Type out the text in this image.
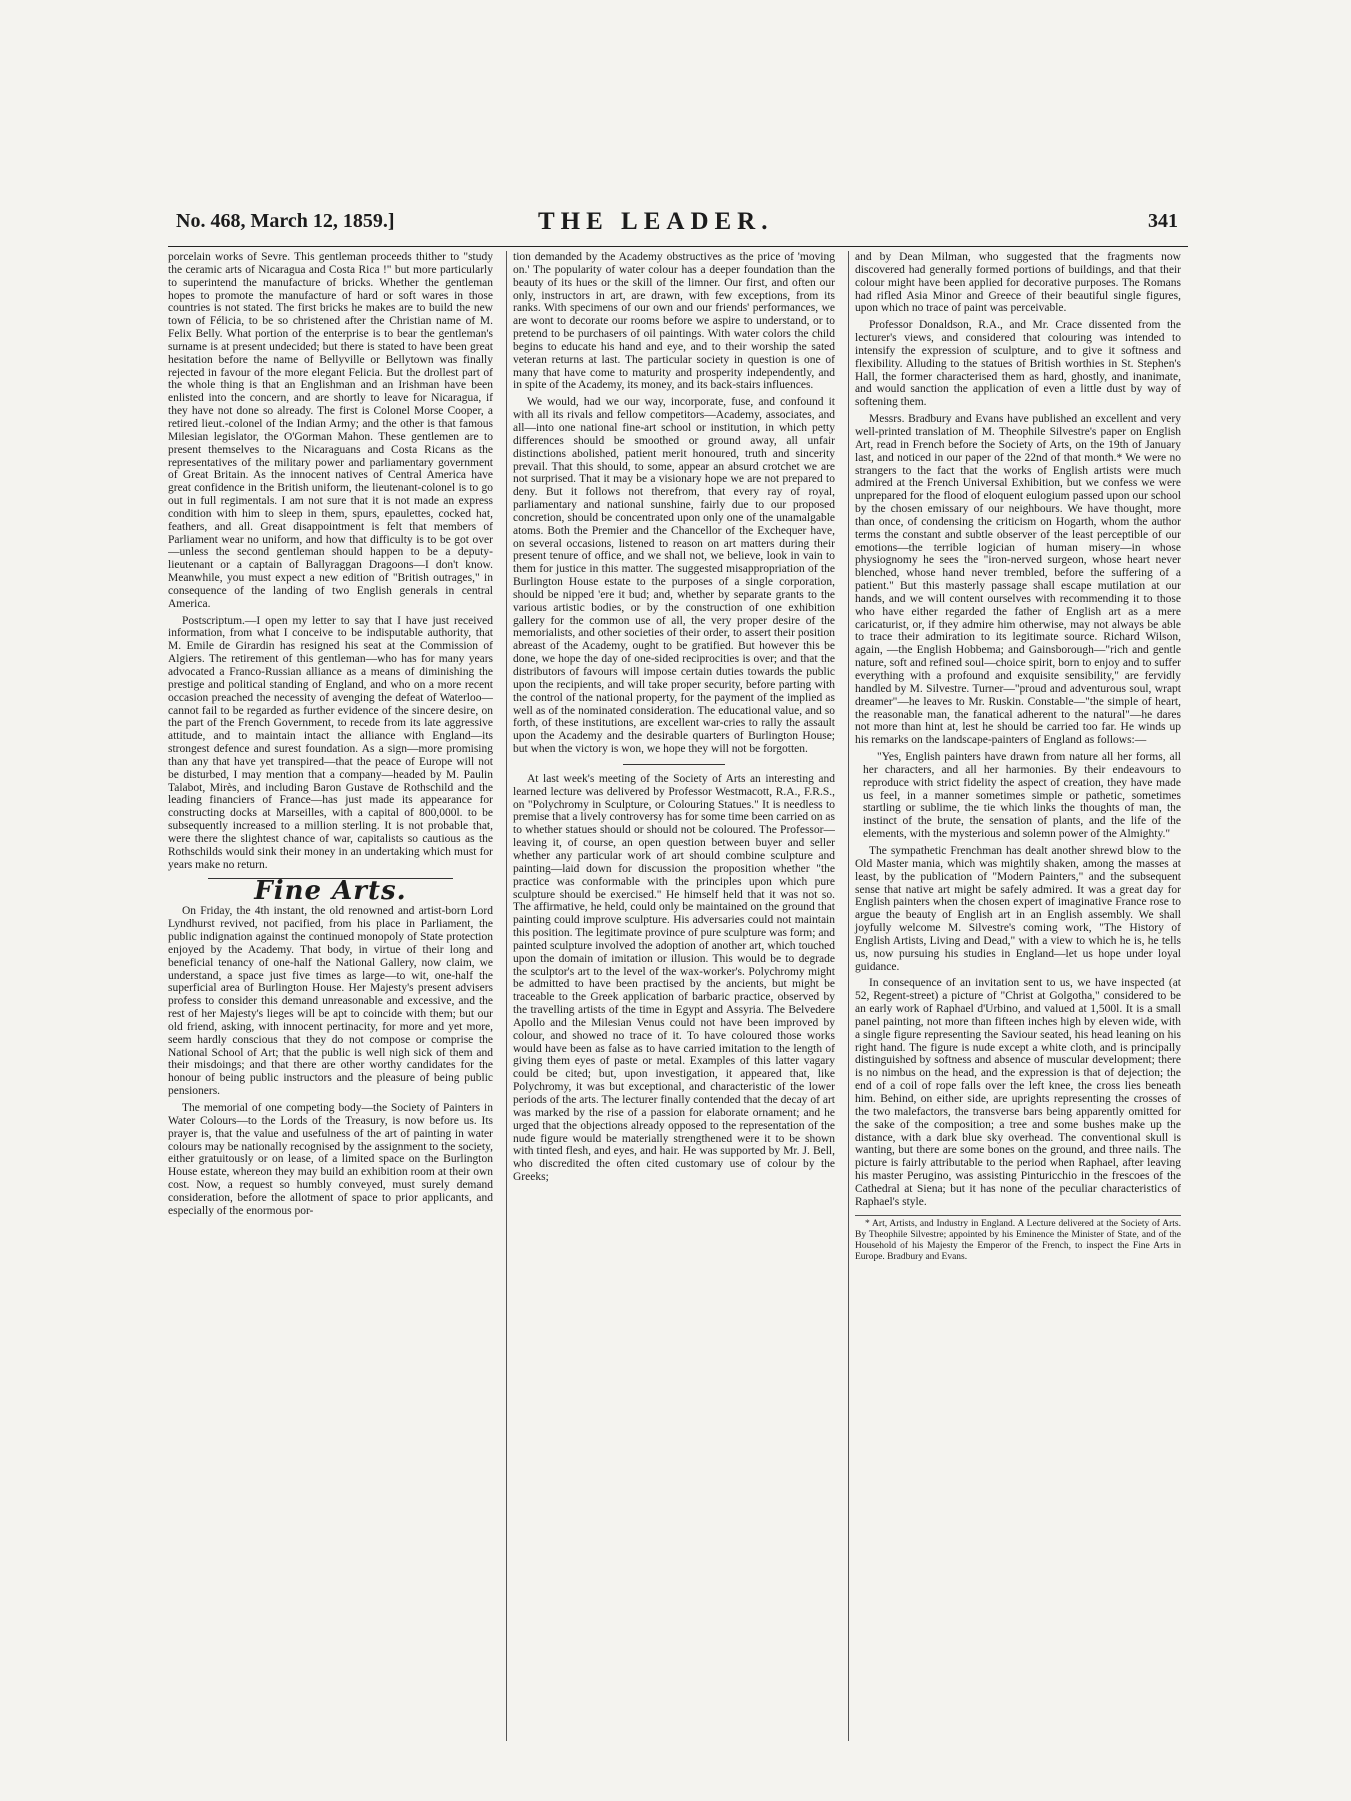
No. 468, March 12, 1859.]	THE LEADER.	341

porcelain works of Sevre. This gentleman proceeds thither to "study the ceramic arts of Nicaragua and Costa Rica !" but more particularly to superintend the manufacture of bricks. Whether the gentleman hopes to promote the manufacture of hard or soft wares in those countries is not stated. The first bricks he makes are to build the new town of Félicia, to be so christened after the Christian name of M. Felix Belly. What portion of the enterprise is to bear the gentleman's surname is at present undecided; but there is stated to have been great hesitation before the name of Bellyville or Bellytown was finally rejected in favour of the more elegant Felicia. But the drollest part of the whole thing is that an Englishman and an Irishman have been enlisted into the concern, and are shortly to leave for Nicaragua, if they have not done so already. The first is Colonel Morse Cooper, a retired lieut.-colonel of the Indian Army; and the other is that famous Milesian legislator, the O'Gorman Mahon. These gentlemen are to present themselves to the Nicaraguans and Costa Ricans as the representatives of the military power and parliamentary government of Great Britain. As the innocent natives of Central America have great confidence in the British uniform, the lieutenant-colonel is to go out in full regimentals. I am not sure that it is not made an express condition with him to sleep in them, spurs, epaulettes, cocked hat, feathers, and all. Great disappointment is felt that members of Parliament wear no uniform, and how that difficulty is to be got over—unless the second gentleman should happen to be a deputy-lieutenant or a captain of Ballyraggan Dragoons—I don't know. Meanwhile, you must expect a new edition of "British outrages," in consequence of the landing of two English generals in central America.

Postscriptum.—I open my letter to say that I have just received information, from what I conceive to be indisputable authority, that M. Emile de Girardin has resigned his seat at the Commission of Algiers. The retirement of this gentleman—who has for many years advocated a Franco-Russian alliance as a means of diminishing the prestige and political standing of England, and who on a more recent occasion preached the necessity of avenging the defeat of Waterloo—cannot fail to be regarded as further evidence of the sincere desire, on the part of the French Government, to recede from its late aggressive attitude, and to maintain intact the alliance with England—its strongest defence and surest foundation. As a sign—more promising than any that have yet transpired—that the peace of Europe will not be disturbed, I may mention that a company—headed by M. Paulin Talabot, Mirès, and including Baron Gustave de Rothschild and the leading financiers of France—has just made its appearance for constructing docks at Marseilles, with a capital of 800,000l. to be subsequently increased to a million sterling. It is not probable that, were there the slightest chance of war, capitalists so cautious as the Rothschilds would sink their money in an undertaking which must for years make no return.

Fine Arts.

On Friday, the 4th instant, the old renowned and artist-born Lord Lyndhurst revived, not pacified, from his place in Parliament, the public indignation against the continued monopoly of State protection enjoyed by the Academy. That body, in virtue of their long and beneficial tenancy of one-half the National Gallery, now claim, we understand, a space just five times as large—to wit, one-half the superficial area of Burlington House. Her Majesty's present advisers profess to consider this demand unreasonable and excessive, and the rest of her Majesty's lieges will be apt to coincide with them; but our old friend, asking, with innocent pertinacity, for more and yet more, seem hardly conscious that they do not compose or comprise the National School of Art; that the public is well nigh sick of them and their misdoings; and that there are other worthy candidates for the honour of being public instructors and the pleasure of being public pensioners.

The memorial of one competing body—the Society of Painters in Water Colours—to the Lords of the Treasury, is now before us. Its prayer is, that the value and usefulness of the art of painting in water colours may be nationally recognised by the assignment to the society, either gratuitously or on lease, of a limited space on the Burlington House estate, whereon they may build an exhibition room at their own cost. Now, a request so humbly conveyed, must surely demand consideration, before the allotment of space to prior applicants, and especially of the enormous por-

tion demanded by the Academy obstructives as the price of 'moving on.' The popularity of water colour has a deeper foundation than the beauty of its hues or the skill of the limner. Our first, and often our only, instructors in art, are drawn, with few exceptions, from its ranks. With specimens of our own and our friends' performances, we are wont to decorate our rooms before we aspire to understand, or to pretend to be purchasers of oil paintings. With water colors the child begins to educate his hand and eye, and to their worship the sated veteran returns at last. The particular society in question is one of many that have come to maturity and prosperity independently, and in spite of the Academy, its money, and its back-stairs influences.

We would, had we our way, incorporate, fuse, and confound it with all its rivals and fellow competitors—Academy, associates, and all—into one national fine-art school or institution, in which petty differences should be smoothed or ground away, all unfair distinctions abolished, patient merit honoured, truth and sincerity prevail. That this should, to some, appear an absurd crotchet we are not surprised. That it may be a visionary hope we are not prepared to deny. But it follows not therefrom, that every ray of royal, parliamentary and national sunshine, fairly due to our proposed concretion, should be concentrated upon only one of the unamalgable atoms. Both the Premier and the Chancellor of the Exchequer have, on several occasions, listened to reason on art matters during their present tenure of office, and we shall not, we believe, look in vain to them for justice in this matter. The suggested misappropriation of the Burlington House estate to the purposes of a single corporation, should be nipped 'ere it bud; and, whether by separate grants to the various artistic bodies, or by the construction of one exhibition gallery for the common use of all, the very proper desire of the memorialists, and other societies of their order, to assert their position abreast of the Academy, ought to be gratified. But however this be done, we hope the day of one-sided reciprocities is over; and that the distributors of favours will impose certain duties towards the public upon the recipients, and will take proper security, before parting with the control of the national property, for the payment of the implied as well as of the nominated consideration. The educational value, and so forth, of these institutions, are excellent war-cries to rally the assault upon the Academy and the desirable quarters of Burlington House; but when the victory is won, we hope they will not be forgotten.

At last week's meeting of the Society of Arts an interesting and learned lecture was delivered by Professor Westmacott, R.A., F.R.S., on "Polychromy in Sculpture, or Colouring Statues." It is needless to premise that a lively controversy has for some time been carried on as to whether statues should or should not be coloured. The Professor—leaving it, of course, an open question between buyer and seller whether any particular work of art should combine sculpture and painting—laid down for discussion the proposition whether "the practice was conformable with the principles upon which pure sculpture should be exercised." He himself held that it was not so. The affirmative, he held, could only be maintained on the ground that painting could improve sculpture. His adversaries could not maintain this position. The legitimate province of pure sculpture was form; and painted sculpture involved the adoption of another art, which touched upon the domain of imitation or illusion. This would be to degrade the sculptor's art to the level of the wax-worker's. Polychromy might be admitted to have been practised by the ancients, but might be traceable to the Greek application of barbaric practice, observed by the travelling artists of the time in Egypt and Assyria. The Belvedere Apollo and the Milesian Venus could not have been improved by colour, and showed no trace of it. To have coloured those works would have been as false as to have carried imitation to the length of giving them eyes of paste or metal. Examples of this latter vagary could be cited; but, upon investigation, it appeared that, like Polychromy, it was but exceptional, and characteristic of the lower periods of the arts. The lecturer finally contended that the decay of art was marked by the rise of a passion for elaborate ornament; and he urged that the objections already opposed to the representation of the nude figure would be materially strengthened were it to be shown with tinted flesh, and eyes, and hair. He was supported by Mr. J. Bell, who discredited the often cited customary use of colour by the Greeks;

and by Dean Milman, who suggested that the fragments now discovered had generally formed portions of buildings, and that their colour might have been applied for decorative purposes. The Romans had rifled Asia Minor and Greece of their beautiful single figures, upon which no trace of paint was perceivable.

Professor Donaldson, R.A., and Mr. Crace dissented from the lecturer's views, and considered that colouring was intended to intensify the expression of sculpture, and to give it softness and flexibility. Alluding to the statues of British worthies in St. Stephen's Hall, the former characterised them as hard, ghostly, and inanimate, and would sanction the application of even a little dust by way of softening them.

Messrs. Bradbury and Evans have published an excellent and very well-printed translation of M. Theophile Silvestre's paper on English Art, read in French before the Society of Arts, on the 19th of January last, and noticed in our paper of the 22nd of that month.* We were no strangers to the fact that the works of English artists were much admired at the French Universal Exhibition, but we confess we were unprepared for the flood of eloquent eulogium passed upon our school by the chosen emissary of our neighbours. We have thought, more than once, of condensing the criticism on Hogarth, whom the author terms the constant and subtle observer of the least perceptible of our emotions—the terrible logician of human misery—in whose physiognomy he sees the "iron-nerved surgeon, whose heart never blenched, whose hand never trembled, before the suffering of a patient." But this masterly passage shall escape mutilation at our hands, and we will content ourselves with recommending it to those who have either regarded the father of English art as a mere caricaturist, or, if they admire him otherwise, may not always be able to trace their admiration to its legitimate source. Richard Wilson, again, —the English Hobbema; and Gainsborough—"rich and gentle nature, soft and refined soul—choice spirit, born to enjoy and to suffer everything with a profound and exquisite sensibility," are fervidly handled by M. Silvestre. Turner—"proud and adventurous soul, wrapt dreamer"—he leaves to Mr. Ruskin. Constable—"the simple of heart, the reasonable man, the fanatical adherent to the natural"—he dares not more than hint at, lest he should be carried too far. He winds up his remarks on the landscape-painters of England as follows:—

"Yes, English painters have drawn from nature all her forms, all her characters, and all her harmonies. By their endeavours to reproduce with strict fidelity the aspect of creation, they have made us feel, in a manner sometimes simple or pathetic, sometimes startling or sublime, the tie which links the thoughts of man, the instinct of the brute, the sensation of plants, and the life of the elements, with the mysterious and solemn power of the Almighty."

The sympathetic Frenchman has dealt another shrewd blow to the Old Master mania, which was mightily shaken, among the masses at least, by the publication of "Modern Painters," and the subsequent sense that native art might be safely admired. It was a great day for English painters when the chosen expert of imaginative France rose to argue the beauty of English art in an English assembly. We shall joyfully welcome M. Silvestre's coming work, "The History of English Artists, Living and Dead," with a view to which he is, he tells us, now pursuing his studies in England—let us hope under loyal guidance.

In consequence of an invitation sent to us, we have inspected (at 52, Regent-street) a picture of "Christ at Golgotha," considered to be an early work of Raphael d'Urbino, and valued at 1,500l. It is a small panel painting, not more than fifteen inches high by eleven wide, with a single figure representing the Saviour seated, his head leaning on his right hand. The figure is nude except a white cloth, and is principally distinguished by softness and absence of muscular development; there is no nimbus on the head, and the expression is that of dejection; the end of a coil of rope falls over the left knee, the cross lies beneath him. Behind, on either side, are uprights representing the crosses of the two malefactors, the transverse bars being apparently omitted for the sake of the composition; a tree and some bushes make up the distance, with a dark blue sky overhead. The conventional skull is wanting, but there are some bones on the ground, and three nails. The picture is fairly attributable to the period when Raphael, after leaving his master Perugino, was assisting Pinturicchio in the frescoes of the Cathedral at Siena; but it has none of the peculiar characteristics of Raphael's style.

* Art, Artists, and Industry in England. A Lecture delivered at the Society of Arts. By Theophile Silvestre; appointed by his Eminence the Minister of State, and of the Household of his Majesty the Emperor of the French, to inspect the Fine Arts in Europe. Bradbury and Evans.
